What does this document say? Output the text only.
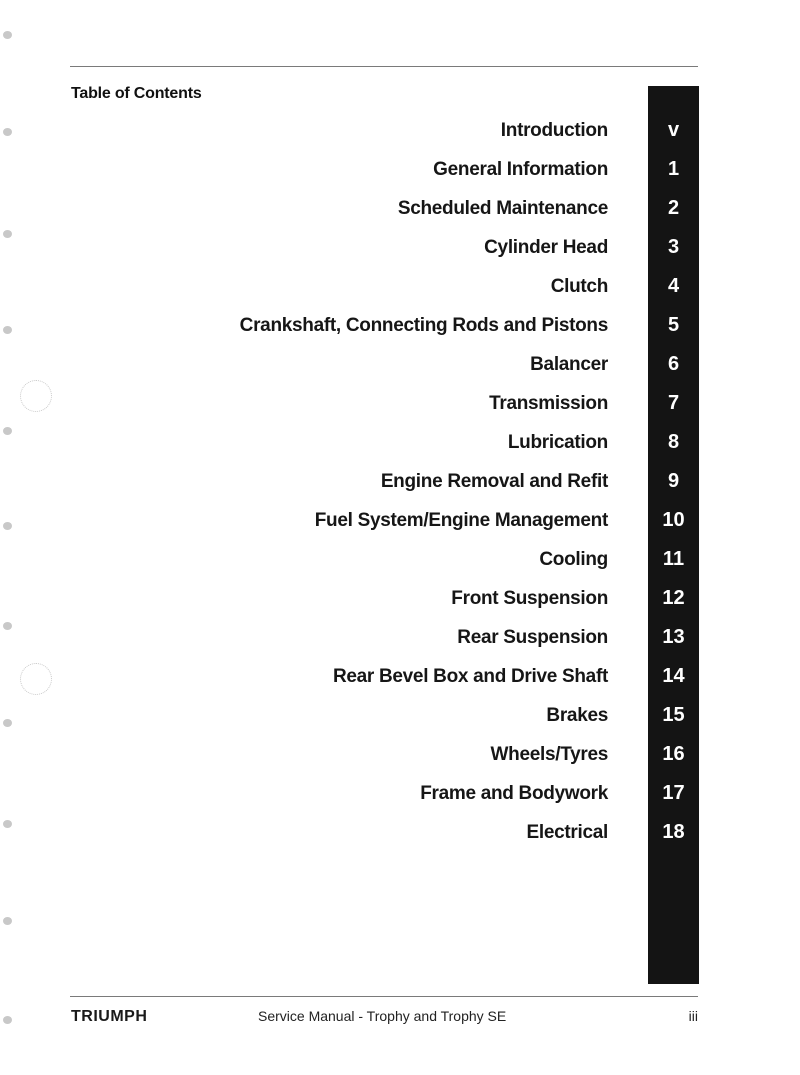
Table of Contents
Introduction	v
General Information	1
Scheduled Maintenance	2
Cylinder Head	3
Clutch	4
Crankshaft, Connecting Rods and Pistons	5
Balancer	6
Transmission	7
Lubrication	8
Engine Removal and Refit	9
Fuel System/Engine Management	10
Cooling	11
Front Suspension	12
Rear Suspension	13
Rear Bevel Box and Drive Shaft	14
Brakes	15
Wheels/Tyres	16
Frame and Bodywork	17
Electrical	18
TRIUMPH	Service Manual - Trophy and Trophy SE	iii
